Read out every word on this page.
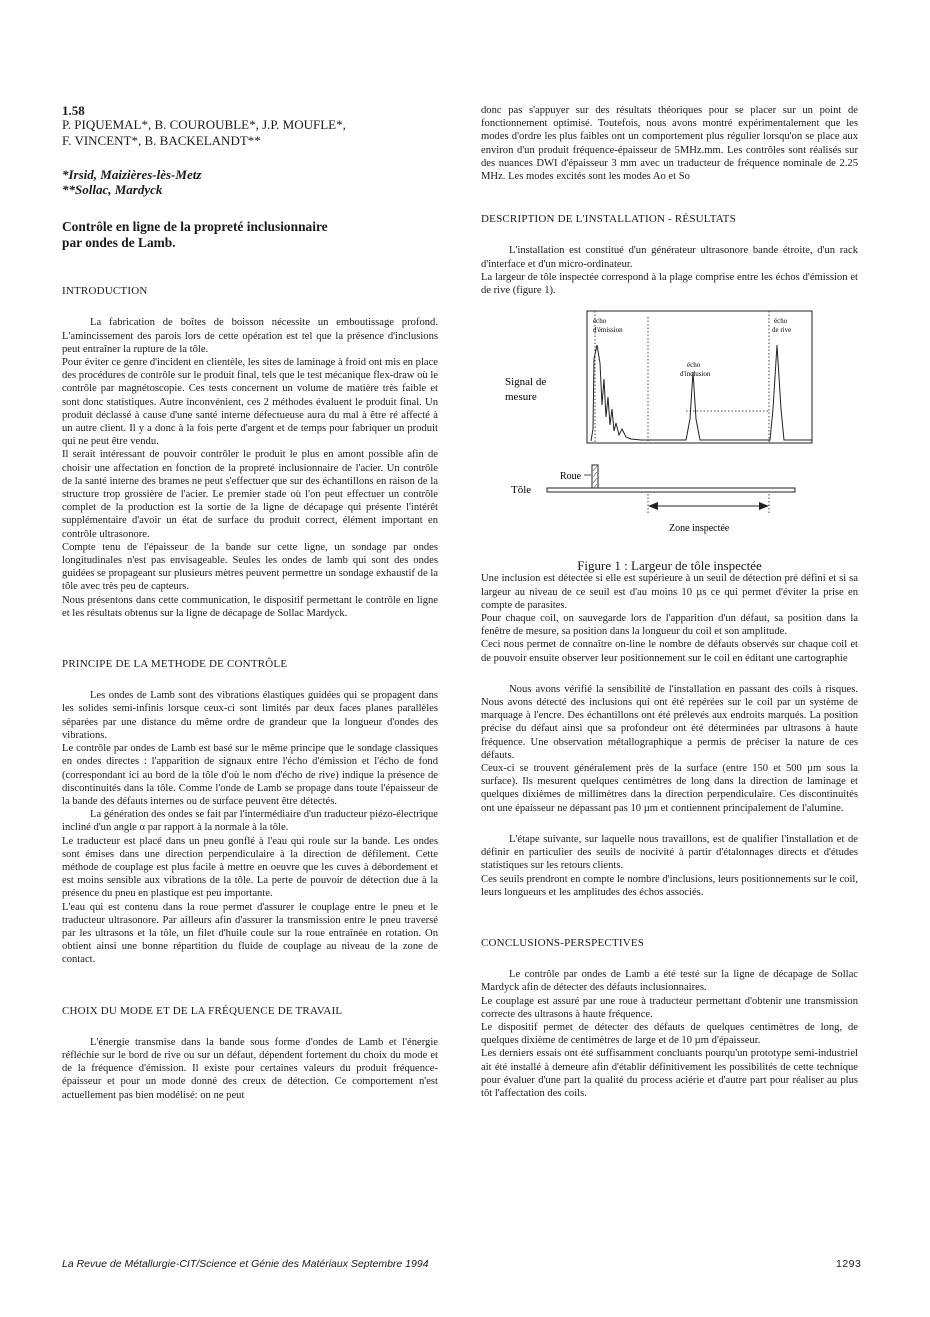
1.58

P. PIQUEMAL*, B. COUROUBLE*, J.P. MOUFLE*,
F. VINCENT*, B. BACKELANDT**
*Irsid, Maizières-lès-Metz
**Sollac, Mardyck
Contrôle en ligne de la propreté inclusionnaire
par ondes de Lamb.

INTRODUCTION

La fabrication de boîtes de boisson nécessite un emboutissage profond. L'amincissement des parois lors de cette opération est tel que la présence d'inclusions peut entraîner la rupture de la tôle.

Pour éviter ce genre d'incident en clientèle, les sites de laminage à froid ont mis en place des procédures de contrôle sur le produit final, tels que le test mécanique flex-draw où le contrôle par magnétoscopie. Ces tests concernent un volume de matière très faible et sont donc statistiques. Autre inconvénient, ces 2 méthodes évaluent le produit final. Un produit déclassé à cause d'une santé interne défectueuse aura du mal à être ré affecté à un autre client. Il y a donc à la fois perte d'argent et de temps pour fabriquer un produit qui ne peut être vendu.

Il serait intéressant de pouvoir contrôler le produit le plus en amont possible afin de choisir une affectation en fonction de la propreté inclusionnaire de l'acier. Un contrôle de la santé interne des brames ne peut s'effectuer que sur des échantillons en raison de la structure trop grossière de l'acier. Le premier stade où l'on peut effectuer un contrôle complet de la production est la sortie de la ligne de décapage qui présente l'intérêt supplémentaire d'avoir un état de surface du produit correct, élément important en contrôle ultrasonore.

Compte tenu de l'épaisseur de la bande sur cette ligne, un sondage par ondes longitudinales n'est pas envisageable. Seules les ondes de lamb qui sont des ondes guidées se propageant sur plusieurs mètres peuvent permettre un sondage exhaustif de la tôle avec très peu de capteurs.

Nous présentons dans cette communication, le dispositif permettant le contrôle en ligne et les résultats obtenus sur la ligne de décapage de Sollac Mardyck.

PRINCIPE DE LA METHODE DE CONTRÔLE

Les ondes de Lamb sont des vibrations élastiques guidées qui se propagent dans les solides semi-infinis lorsque ceux-ci sont limités par deux faces planes parallèles séparées par une distance du même ordre de grandeur que la longueur d'ondes des vibrations.

Le contrôle par ondes de Lamb est basé sur le même principe que le sondage classiques en ondes directes : l'apparition de signaux entre l'écho d'émission et l'écho de fond (correspondant ici au bord de la tôle d'où le nom d'écho de rive) indique la présence de discontinuités dans la tôle. Comme l'onde de Lamb se propage dans toute l'épaisseur de la bande des défauts internes ou de surface peuvent être détectés.

La génération des ondes se fait par l'intermédiaire d'un traducteur piézo-électrique incliné d'un angle α par rapport à la normale à la tôle.

Le traducteur est placé dans un pneu gonflé à l'eau qui roule sur la bande. Les ondes sont émises dans une direction perpendiculaire à la direction de défilement. Cette méthode de couplage est plus facile à mettre en oeuvre que les cuves à débordement et est moins sensible aux vibrations de la tôle. La perte de pouvoir de détection due à la présence du pneu en plastique est peu importante.

L'eau qui est contenu dans la roue permet d'assurer le couplage entre le pneu et le traducteur ultrasonore. Par ailleurs afin d'assurer la transmission entre le pneu traversé par les ultrasons et la tôle, un filet d'huile coule sur la roue entraînée en rotation. On obtient ainsi une bonne répartition du fluide de couplage au niveau de la zone de contact.

CHOIX DU MODE ET DE LA FRÉQUENCE DE TRAVAIL

L'énergie transmise dans la bande sous forme d'ondes de Lamb et l'énergie réfléchie sur le bord de rive ou sur un défaut, dépendent fortement du choix du mode et de la fréquence d'émission. Il existe pour certaines valeurs du produit fréquence-épaisseur et pour un mode donné des creux de détection. Ce comportement n'est actuellement pas bien modélisé: on ne peut

donc pas s'appuyer sur des résultats théoriques pour se placer sur un point de fonctionnement optimisé. Toutefois, nous avons montré expérimentalement que les modes d'ordre les plus faibles ont un comportement plus régulier lorsqu'on se place aux environ d'un produit fréquence-épaisseur de 5MHz.mm. Les contrôles sont réalisés sur des nuances DWI d'épaisseur 3 mm avec un traducteur de fréquence nominale de 2.25 MHz. Les modes excités sont les modes Ao et So

DESCRIPTION DE L'INSTALLATION - RÉSULTATS

L'installation est constitué d'un générateur ultrasonore bande étroite, d'un rack d'interface et d'un micro-ordinateur.

La largeur de tôle inspectée correspond à la plage comprise entre les échos d'émission et de rive (figure 1).

Signal de
mesure
écho
d'émission
écho
d'inclusion
écho
de rive
Roue
Tôle
Zone inspectée

Figure 1 : Largeur de tôle inspectée

Une inclusion est détectée si elle est supérieure à un seuil de détection pré défini et si sa largeur au niveau de ce seuil est d'au moins 10 µs ce qui permet d'éviter la prise en compte de parasites.

Pour chaque coil, on sauvegarde lors de l'apparition d'un défaut, sa position dans la fenêtre de mesure, sa position dans la longueur du coil et son amplitude.

Ceci nous permet de connaître on-line le nombre de défauts observés sur chaque coil et de pouvoir ensuite observer leur positionnement sur le coil en éditant une cartographie

Nous avons vérifié la sensibilité de l'installation en passant des coils à risques. Nous avons détecté des inclusions qui ont été repérées sur le coil par un système de marquage à l'encre. Des échantillons ont été prélevés aux endroits marqués. La position précise du défaut ainsi que sa profondeur ont été déterminées par ultrasons à haute fréquence. Une observation métallographique a permis de préciser la nature de ces défauts.

Ceux-ci se trouvent généralement près de la surface (entre 150 et 500 µm sous la surface). Ils mesurent quelques centimètres de long dans la direction de laminage et quelques dixièmes de millimètres dans la direction perpendiculaire. Ces discontinuités ont une épaisseur ne dépassant pas 10 µm et contiennent principalement de l'alumine.

L'étape suivante, sur laquelle nous travaillons, est de qualifier l'installation et de définir en particulier des seuils de nocivité à partir d'étalonnages directs et d'études statistiques sur les retours clients.

Ces seuils prendront en compte le nombre d'inclusions, leurs positionnements sur le coil, leurs longueurs et les amplitudes des échos associés.

CONCLUSIONS-PERSPECTIVES

Le contrôle par ondes de Lamb a été testé sur la ligne de décapage de Sollac Mardyck afin de détecter des défauts inclusionnaires.

Le couplage est assuré par une roue à traducteur permettant d'obtenir une transmission correcte des ultrasons à haute fréquence.

Le dispositif permet de détecter des défauts de quelques centimètres de long, de quelques dixième de centimètres de large et de 10 µm d'épaisseur.

Les derniers essais ont été suffisamment concluants pourqu'un prototype semi-industriel ait été installé à demeure afin d'établir définitivement les possibilités de cette technique pour évaluer d'une part la qualité du process aciérie et d'autre part pour réaliser au plus tôt l'affectation des coils.

La Revue de Métallurgie-CIT/Science et Génie des Matériaux Septembre 1994	1293
